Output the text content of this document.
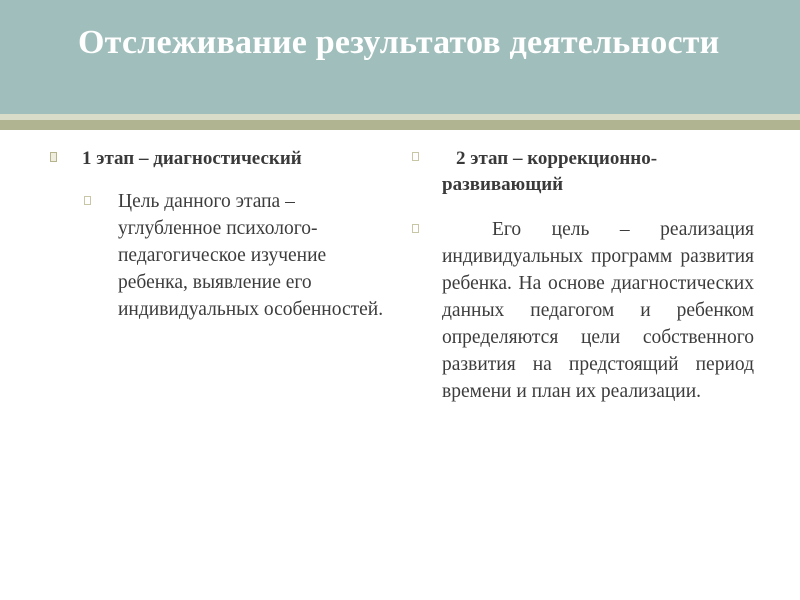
Отслеживание результатов деятельности
1 этап – диагностический
Цель данного этапа – углубленное психолого-педагогическое изучение ребенка, выявление его индивидуальных особенностей.
2 этап – коррекционно-развивающий
Его цель – реализация индивидуальных программ развития ребенка. На основе диагностических данных педагогом и ребенком определяются цели собственного развития на предстоящий период времени и план их реализации.
